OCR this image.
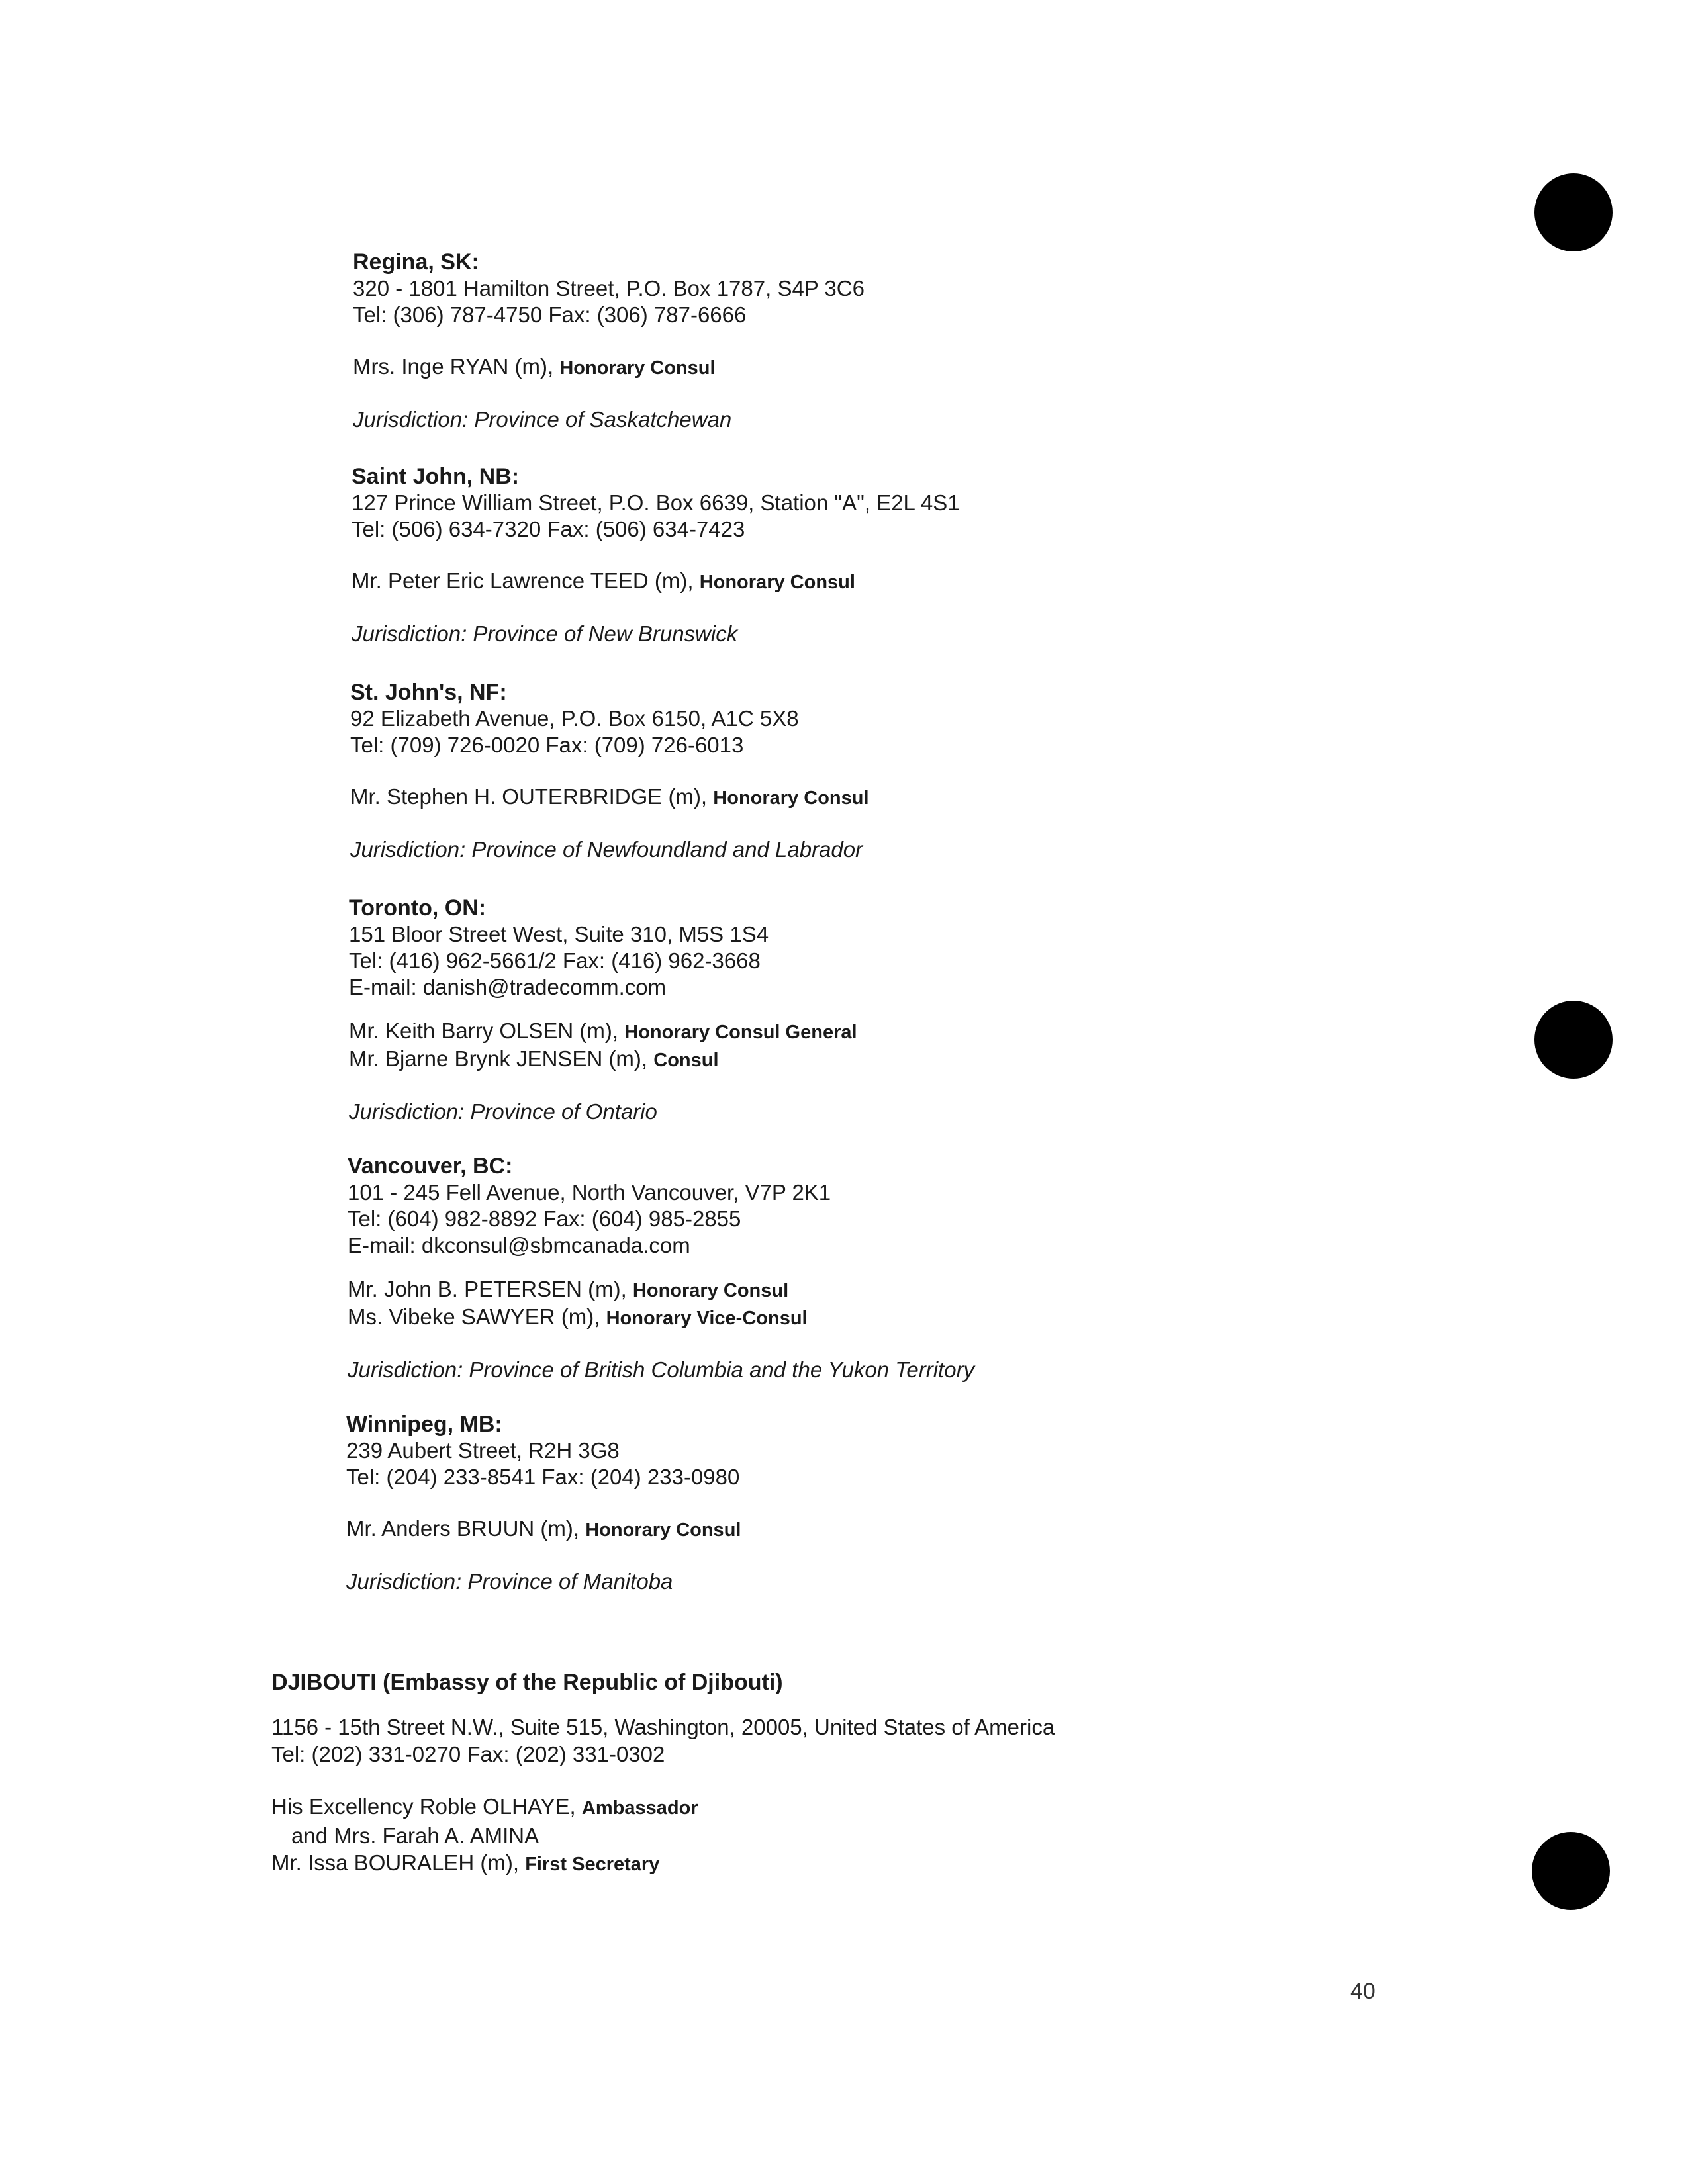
Regina, SK:
320 - 1801 Hamilton Street, P.O. Box 1787, S4P 3C6
Tel: (306) 787-4750 Fax: (306) 787-6666
Mrs. Inge RYAN (m), Honorary Consul
Jurisdiction: Province of Saskatchewan
Saint John, NB:
127 Prince William Street, P.O. Box 6639, Station "A", E2L 4S1
Tel: (506) 634-7320 Fax: (506) 634-7423
Mr. Peter Eric Lawrence TEED (m), Honorary Consul
Jurisdiction: Province of New Brunswick
St. John's, NF:
92 Elizabeth Avenue, P.O. Box 6150, A1C 5X8
Tel: (709) 726-0020 Fax: (709) 726-6013
Mr. Stephen H. OUTERBRIDGE (m), Honorary Consul
Jurisdiction: Province of Newfoundland and Labrador
Toronto, ON:
151 Bloor Street West, Suite 310, M5S 1S4
Tel: (416) 962-5661/2 Fax: (416) 962-3668
E-mail: danish@tradecomm.com
Mr. Keith Barry OLSEN (m), Honorary Consul General
Mr. Bjarne Brynk JENSEN (m), Consul
Jurisdiction: Province of Ontario
Vancouver, BC:
101 - 245 Fell Avenue, North Vancouver, V7P 2K1
Tel: (604) 982-8892 Fax: (604) 985-2855
E-mail: dkconsul@sbmcanada.com
Mr. John B. PETERSEN (m), Honorary Consul
Ms. Vibeke SAWYER (m), Honorary Vice-Consul
Jurisdiction: Province of British Columbia and the Yukon Territory
Winnipeg, MB:
239 Aubert Street, R2H 3G8
Tel: (204) 233-8541 Fax: (204) 233-0980
Mr. Anders BRUUN (m), Honorary Consul
Jurisdiction: Province of Manitoba
DJIBOUTI (Embassy of the Republic of Djibouti)
1156 - 15th Street N.W., Suite 515, Washington, 20005, United States of America
Tel: (202) 331-0270 Fax: (202) 331-0302
His Excellency Roble OLHAYE, Ambassador
and Mrs. Farah A. AMINA
Mr. Issa BOURALEH (m), First Secretary
40
